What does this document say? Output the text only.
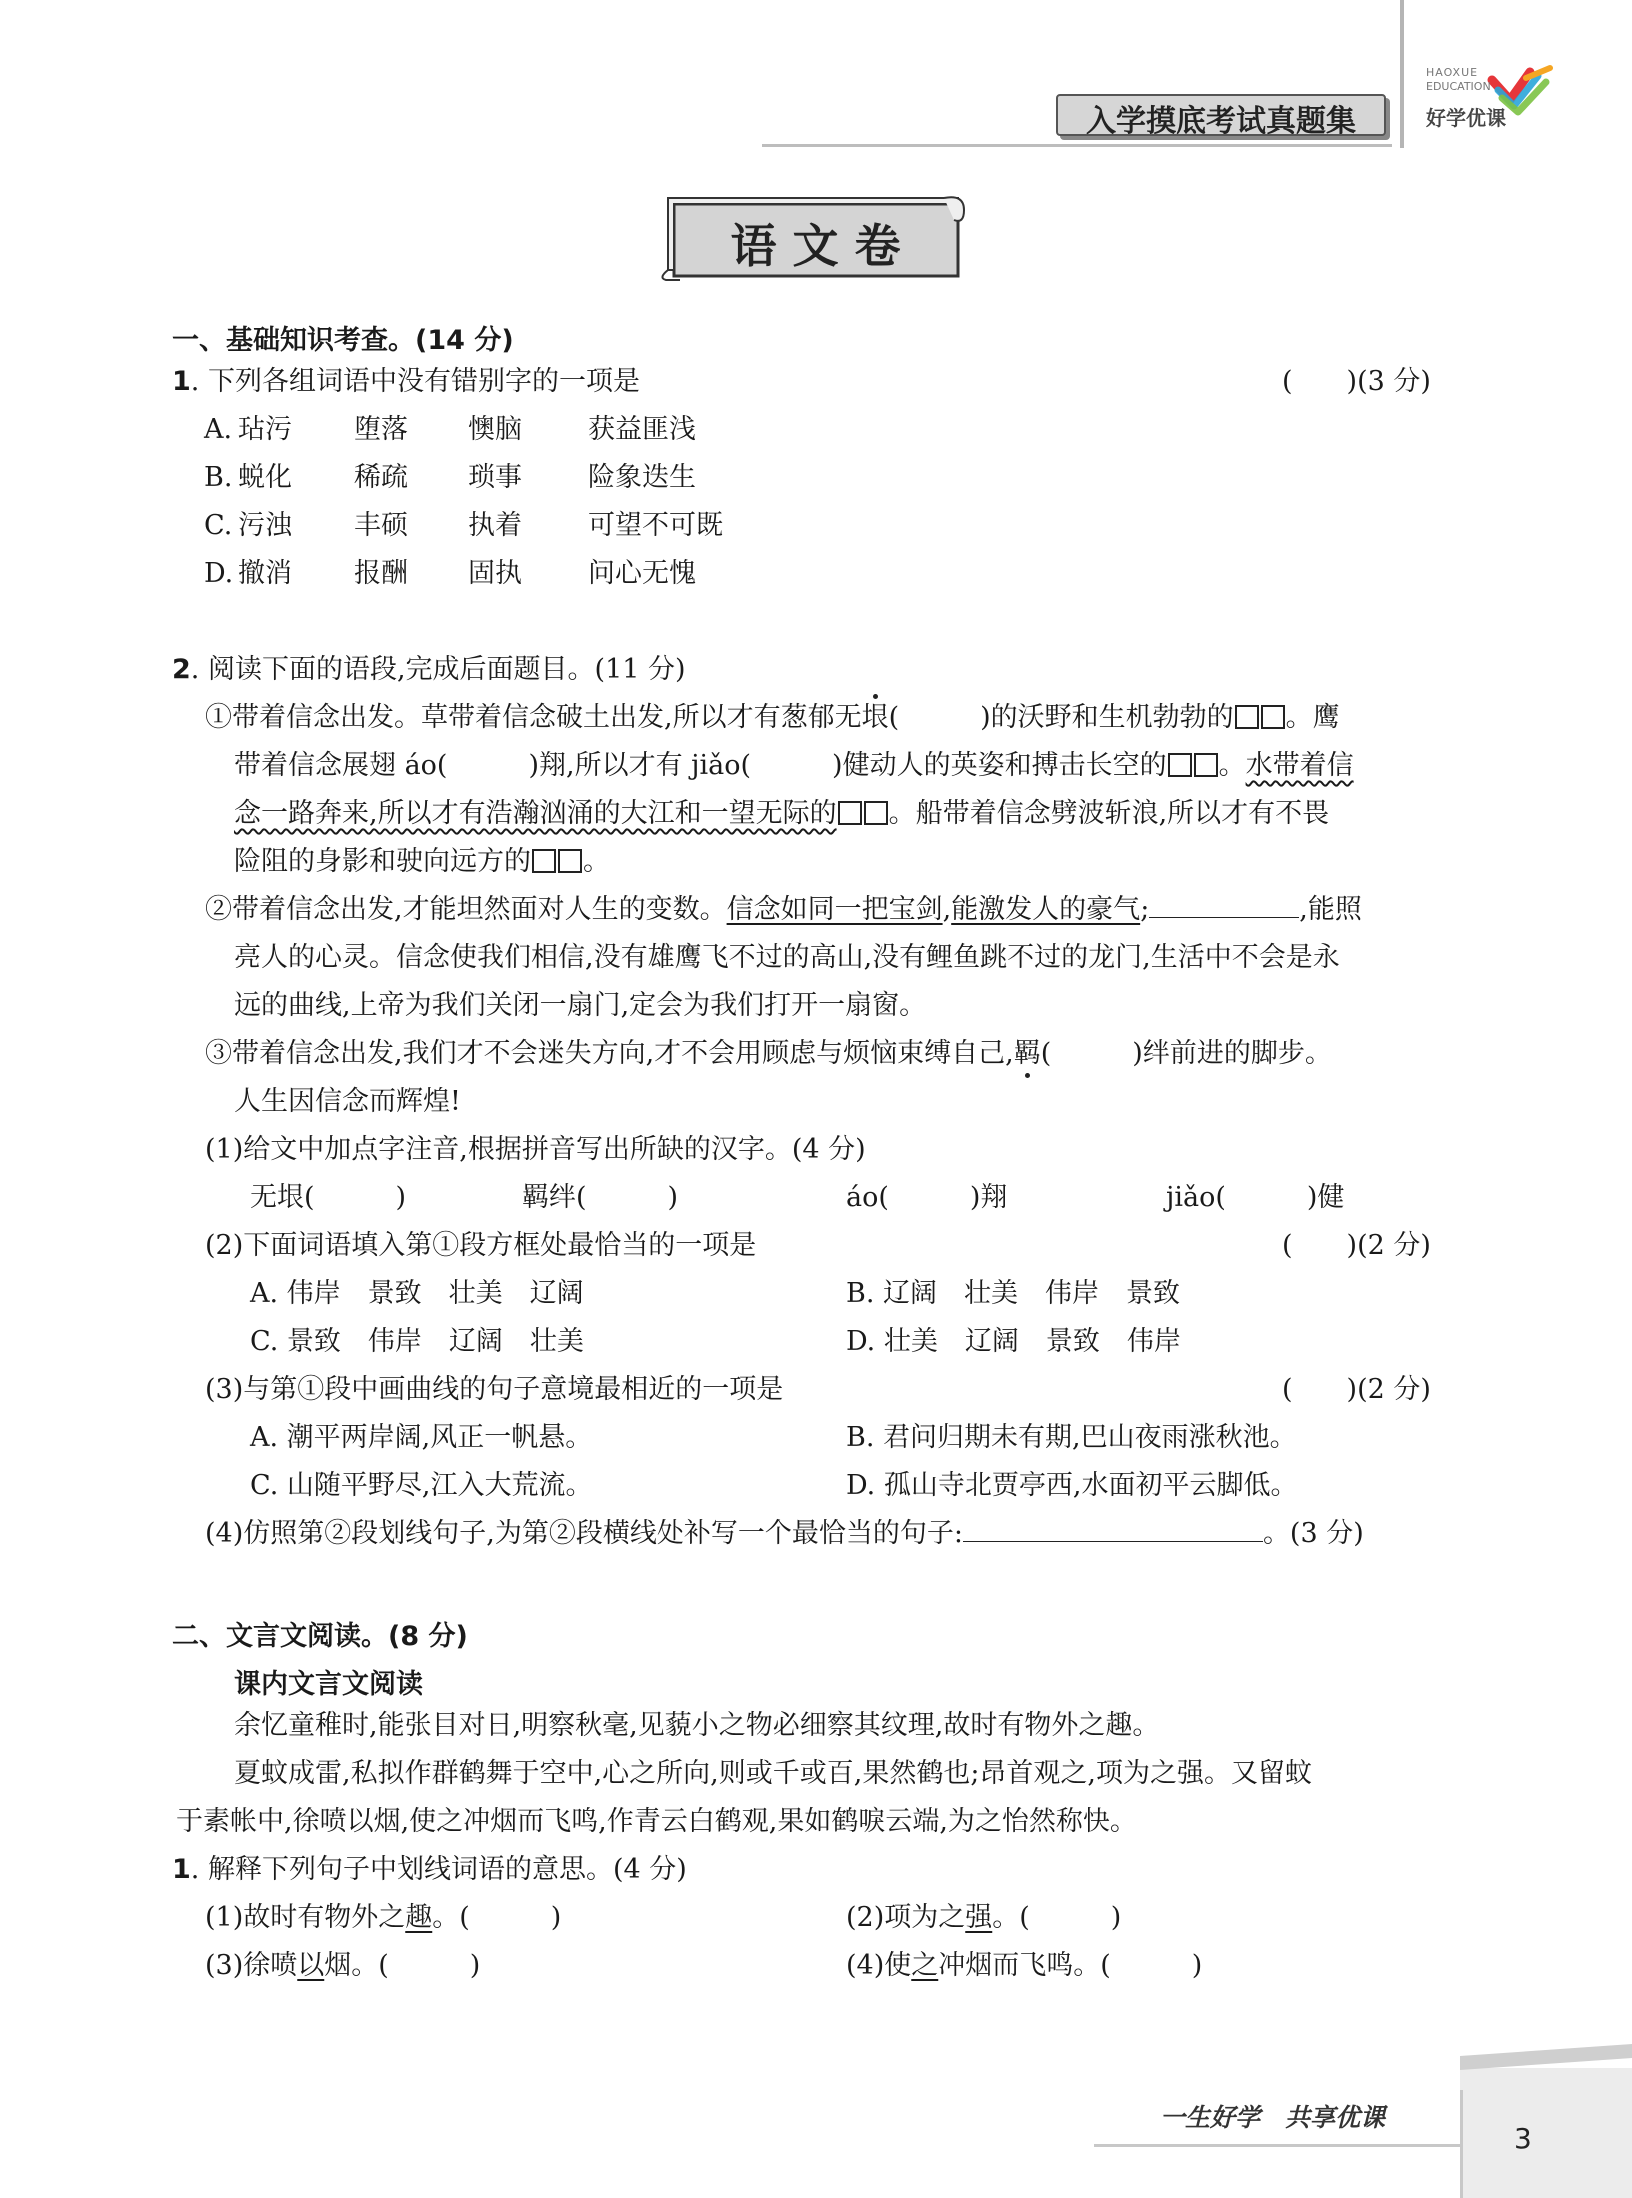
入学摸底考试真题集
HAOXUE
EDUCATION
好学优课
语 文 卷
一、基础知识考查。(14 分)
1. 下列各组词语中没有错别字的一项是	(　　)(3 分)
A. 玷污 堕落 懊脑 获益匪浅
B. 蜕化 稀疏 琐事 险象迭生
C. 污浊 丰硕 执着 可望不可既
D. 撤消 报酬 固执 问心无愧
2. 阅读下面的语段,完成后面题目。(11 分)
①带着信念出发。草带着信念破土出发,所以才有葱郁无垠(　　　)的沃野和生机勃勃的 。鹰
带着信念展翅 áo(　　　)翔,所以才有 jiǎo(　　　)健动人的英姿和搏击长空的 。水带着信
念一路奔来,所以才有浩瀚汹涌的大江和一望无际的 。船带着信念劈波斩浪,所以才有不畏
险阻的身影和驶向远方的 。
②带着信念出发,才能坦然面对人生的变数。信念如同一把宝剑,能激发人的豪气;	,能照
亮人的心灵。信念使我们相信,没有雄鹰飞不过的高山,没有鲤鱼跳不过的龙门,生活中不会是永
远的曲线,上帝为我们关闭一扇门,定会为我们打开一扇窗。
③带着信念出发,我们才不会迷失方向,才不会用顾虑与烦恼束缚自己,羁(　　　)绊前进的脚步。
人生因信念而辉煌!
(1)给文中加点字注音,根据拼音写出所缺的汉字。(4 分)
无垠(　　　)	羁绊(　　　)	áo(　　　)翔	jiǎo(　　　)健
(2)下面词语填入第①段方框处最恰当的一项是	(　　)(2 分)
A. 伟岸　景致　壮美　辽阔	B. 辽阔　壮美　伟岸　景致
C. 景致　伟岸　辽阔　壮美	D. 壮美　辽阔　景致　伟岸
(3)与第①段中画曲线的句子意境最相近的一项是	(　　)(2 分)
A. 潮平两岸阔,风正一帆悬。	B. 君问归期未有期,巴山夜雨涨秋池。
C. 山随平野尽,江入大荒流。	D. 孤山寺北贾亭西,水面初平云脚低。
(4)仿照第②段划线句子,为第②段横线处补写一个最恰当的句子:	。(3 分)
二、文言文阅读。(8 分)
课内文言文阅读
余忆童稚时,能张目对日,明察秋毫,见藐小之物必细察其纹理,故时有物外之趣。
夏蚊成雷,私拟作群鹤舞于空中,心之所向,则或千或百,果然鹤也;昂首观之,项为之强。又留蚊
于素帐中,徐喷以烟,使之冲烟而飞鸣,作青云白鹤观,果如鹤唳云端,为之怡然称快。
1. 解释下列句子中划线词语的意思。(4 分)
(1)故时有物外之趣。(　　　)	(2)项为之强。(　　　)
(3)徐喷以烟。(　　　)	(4)使之冲烟而飞鸣。(　　　)
一生好学　共享优课
3
